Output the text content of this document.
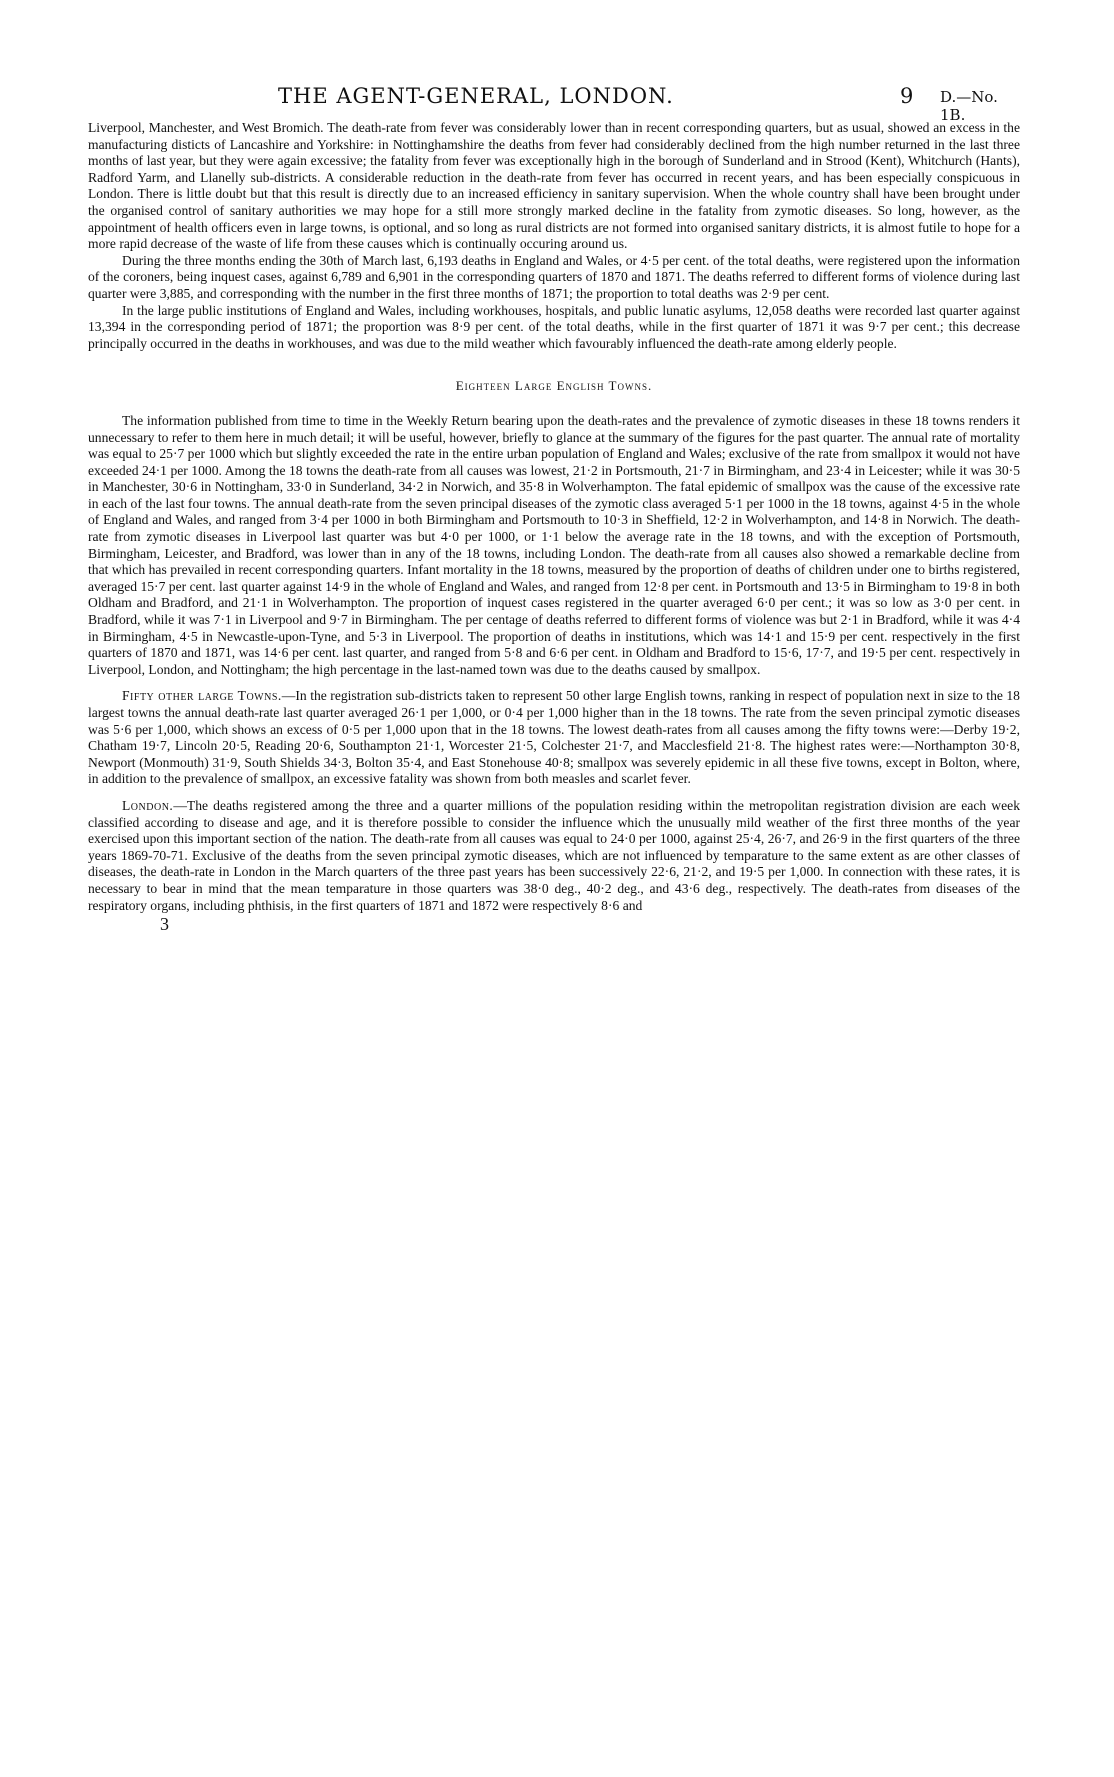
THE AGENT-GENERAL, LONDON.	9 D.—No. 1B.

Liverpool, Manchester, and West Bromich. The death-rate from fever was considerably lower than in recent corresponding quarters, but as usual, showed an excess in the manufacturing disticts of Lancashire and Yorkshire: in Nottinghamshire the deaths from fever had considerably declined from the high number returned in the last three months of last year, but they were again excessive; the fatality from fever was exceptionally high in the borough of Sunderland and in Strood (Kent), Whitchurch (Hants), Radford Yarm, and Llanelly sub-districts. A considerable reduction in the death-rate from fever has occurred in recent years, and has been especially conspicuous in London. There is little doubt but that this result is directly due to an increased efficiency in sanitary supervision. When the whole country shall have been brought under the organised control of sanitary authorities we may hope for a still more strongly marked decline in the fatality from zymotic diseases. So long, however, as the appointment of health officers even in large towns, is optional, and so long as rural districts are not formed into organised sanitary districts, it is almost futile to hope for a more rapid decrease of the waste of life from these causes which is continually occuring around us.

During the three months ending the 30th of March last, 6,193 deaths in England and Wales, or 4·5 per cent. of the total deaths, were registered upon the information of the coroners, being inquest cases, against 6,789 and 6,901 in the corresponding quarters of 1870 and 1871. The deaths referred to different forms of violence during last quarter were 3,885, and corresponding with the number in the first three months of 1871; the proportion to total deaths was 2·9 per cent.

In the large public institutions of England and Wales, including workhouses, hospitals, and public lunatic asylums, 12,058 deaths were recorded last quarter against 13,394 in the corresponding period of 1871; the proportion was 8·9 per cent. of the total deaths, while in the first quarter of 1871 it was 9·7 per cent.; this decrease principally occurred in the deaths in workhouses, and was due to the mild weather which favourably influenced the death-rate among elderly people.

Eighteen Large English Towns.

The information published from time to time in the Weekly Return bearing upon the death-rates and the prevalence of zymotic diseases in these 18 towns renders it unnecessary to refer to them here in much detail; it will be useful, however, briefly to glance at the summary of the figures for the past quarter. The annual rate of mortality was equal to 25·7 per 1000 which but slightly exceeded the rate in the entire urban population of England and Wales; exclusive of the rate from smallpox it would not have exceeded 24·1 per 1000. Among the 18 towns the death-rate from all causes was lowest, 21·2 in Portsmouth, 21·7 in Birmingham, and 23·4 in Leicester; while it was 30·5 in Manchester, 30·6 in Nottingham, 33·0 in Sunderland, 34·2 in Norwich, and 35·8 in Wolverhampton. The fatal epidemic of smallpox was the cause of the excessive rate in each of the last four towns. The annual death-rate from the seven principal diseases of the zymotic class averaged 5·1 per 1000 in the 18 towns, against 4·5 in the whole of England and Wales, and ranged from 3·4 per 1000 in both Birmingham and Portsmouth to 10·3 in Sheffield, 12·2 in Wolverhampton, and 14·8 in Norwich. The death-rate from zymotic diseases in Liverpool last quarter was but 4·0 per 1000, or 1·1 below the average rate in the 18 towns, and with the exception of Portsmouth, Birmingham, Leicester, and Bradford, was lower than in any of the 18 towns, including London. The death-rate from all causes also showed a remarkable decline from that which has prevailed in recent corresponding quarters. Infant mortality in the 18 towns, measured by the proportion of deaths of children under one to births registered, averaged 15·7 per cent. last quarter against 14·9 in the whole of England and Wales, and ranged from 12·8 per cent. in Portsmouth and 13·5 in Birmingham to 19·8 in both Oldham and Bradford, and 21·1 in Wolverhampton. The proportion of inquest cases registered in the quarter averaged 6·0 per cent.; it was so low as 3·0 per cent. in Bradford, while it was 7·1 in Liverpool and 9·7 in Birmingham. The per centage of deaths referred to different forms of violence was but 2·1 in Bradford, while it was 4·4 in Birmingham, 4·5 in Newcastle-upon-Tyne, and 5·3 in Liverpool. The proportion of deaths in institutions, which was 14·1 and 15·9 per cent. respectively in the first quarters of 1870 and 1871, was 14·6 per cent. last quarter, and ranged from 5·8 and 6·6 per cent. in Oldham and Bradford to 15·6, 17·7, and 19·5 per cent. respectively in Liverpool, London, and Nottingham; the high percentage in the last-named town was due to the deaths caused by smallpox.

Fifty other large Towns.—In the registration sub-districts taken to represent 50 other large English towns, ranking in respect of population next in size to the 18 largest towns the annual death-rate last quarter averaged 26·1 per 1,000, or 0·4 per 1,000 higher than in the 18 towns. The rate from the seven principal zymotic diseases was 5·6 per 1,000, which shows an excess of 0·5 per 1,000 upon that in the 18 towns. The lowest death-rates from all causes among the fifty towns were:—Derby 19·2, Chatham 19·7, Lincoln 20·5, Reading 20·6, Southampton 21·1, Worcester 21·5, Colchester 21·7, and Macclesfield 21·8. The highest rates were:—Northampton 30·8, Newport (Monmouth) 31·9, South Shields 34·3, Bolton 35·4, and East Stonehouse 40·8; smallpox was severely epidemic in all these five towns, except in Bolton, where, in addition to the prevalence of smallpox, an excessive fatality was shown from both measles and scarlet fever.

London.—The deaths registered among the three and a quarter millions of the population residing within the metropolitan registration division are each week classified according to disease and age, and it is therefore possible to consider the influence which the unusually mild weather of the first three months of the year exercised upon this important section of the nation. The death-rate from all causes was equal to 24·0 per 1000, against 25·4, 26·7, and 26·9 in the first quarters of the three years 1869-70-71. Exclusive of the deaths from the seven principal zymotic diseases, which are not influenced by temparature to the same extent as are other classes of diseases, the death-rate in London in the March quarters of the three past years has been successively 22·6, 21·2, and 19·5 per 1,000. In connection with these rates, it is necessary to bear in mind that the mean temparature in those quarters was 38·0 deg., 40·2 deg., and 43·6 deg., respectively. The death-rates from diseases of the respiratory organs, including phthisis, in the first quarters of 1871 and 1872 were respectively 8·6 and

3
